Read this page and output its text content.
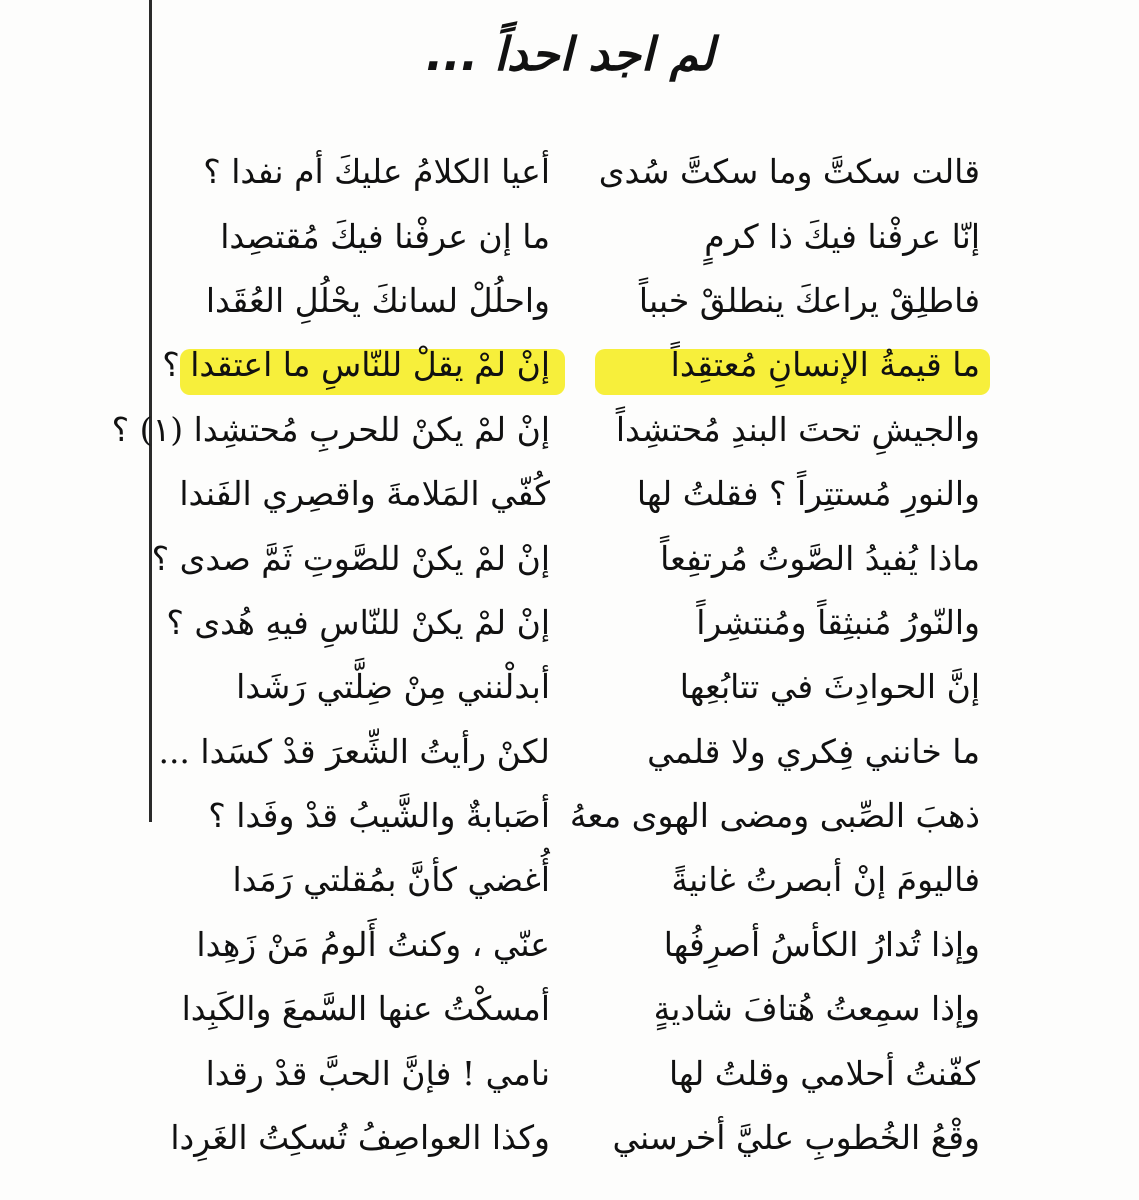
لم اجد احداً ...
قالت سكتَّ وما سكتَّ سُدى
أعيا الكلامُ عليكَ أم نفدا ؟
إنّا عرفْنا فيكَ ذا كرمٍ
ما إن عرفْنا فيكَ مُقتصِدا
فاطلِقْ يراعكَ ينطلقْ خبباً
واحلُلْ لسانكَ يحْلُلِ العُقَدا
ما قيمةُ الإنسانِ مُعتقِداً
إنْ لمْ يقلْ للنّاسِ ما اعتقدا ؟
والجيشِ تحتَ البندِ مُحتشِداً
إنْ لمْ يكنْ للحربِ مُحتشِدا (١) ؟
والنورِ مُستتِراً ؟ فقلتُ لها
كُفّي المَلامةَ واقصِري الفَندا
ماذا يُفيدُ الصَّوتُ مُرتفِعاً
إنْ لمْ يكنْ للصَّوتِ ثَمَّ صدى ؟
والنّورُ مُنبثِقاً ومُنتشِراً
إنْ لمْ يكنْ للنّاسِ فيهِ هُدى ؟
إنَّ الحوادِثَ في تتابُعِها
أبدلْنني مِنْ ضِلَّتي رَشَدا
ما خانني فِكري ولا قلمي
لكنْ رأيتُ الشِّعرَ قدْ كسَدا ...
ذهبَ الصِّبى ومضى الهوى معهُ
أصَبابةٌ والشَّيبُ قدْ وفَدا ؟
فاليومَ إنْ أبصرتُ غانيةً
أُغضي كأنَّ بمُقلتي رَمَدا
وإذا تُدارُ الكأسُ أصرِفُها
عنّي ، وكنتُ أَلومُ مَنْ زَهِدا
وإذا سمِعتُ هُتافَ شاديةٍ
أمسكْتُ عنها السَّمعَ والكَبِدا
كفّنتُ أحلامي وقلتُ لها
نامي ! فإنَّ الحبَّ قدْ رقدا
وقْعُ الخُطوبِ عليَّ أخرسني
وكذا العواصِفُ تُسكِتُ الغَرِدا
